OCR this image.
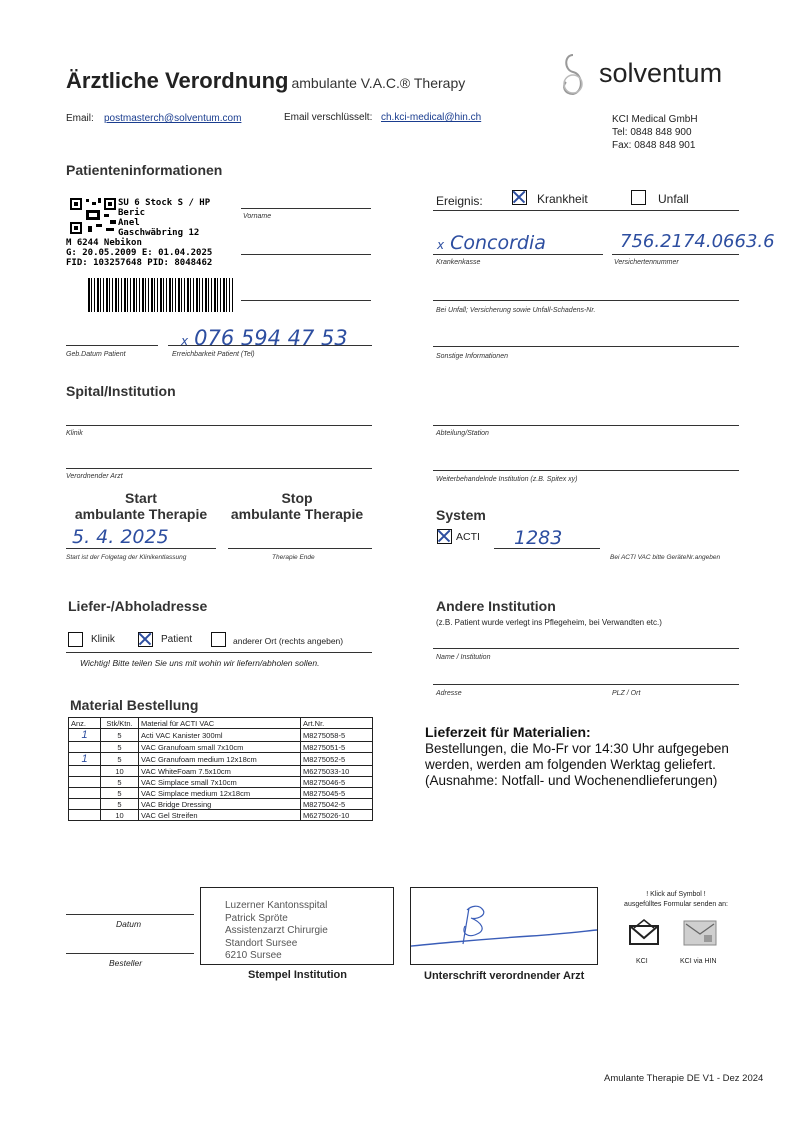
Ärztliche Verordnung ambulante V.A.C.® Therapy	solventum
Email: postmasterch@solventum.com	Email verschlüsselt: ch.kci-medical@hin.ch	KCI Medical GmbH
Tel: 0848 848 900
Fax: 0848 848 901
Patienteninformationen
SU 6 Stock S / HP
Beric
Anel
Gaschwäbring 12
M 6244 Nebikon
G: 20.05.2009 E: 01.04.2025
FID: 103257648 PID: 8048462
Vorname
x 076 594 47 53
Geb.Datum Patient	Erreichbarkeit Patient (Tel)
Ereignis:	Krankheit	Unfall
x Concordia	756.2174.0663.6
Krankenkasse	Versichertennummer
Bei Unfall; Versicherung sowie Unfall-Schadens-Nr.
Sonstige Informationen
Spital/Institution
Klinik	Abteilung/Station
Verordnender Arzt	Weiterbehandelnde Institution (z.B. Spitex xy)
Start
ambulante Therapie
Stop
ambulante Therapie
5. 4. 2025
Start ist der Folgetag der Klinikentlassung	Therapie Ende
System
ACTI 1283
Bei ACTI VAC bitte GeräteNr.angeben
Liefer-/Abholadresse
Klinik	Patient	anderer Ort (rechts angeben)
Wichtig! Bitte teilen Sie uns mit wohin wir liefern/abholen sollen.
Andere Institution
(z.B. Patient wurde verlegt ins Pflegeheim, bei Verwandten etc.)
Name / Institution
Adresse	PLZ / Ort
Material Bestellung
Anz.	Stk/Ktn.	Material für ACTI VAC	Art.Nr.
1	5	Acti VAC Kanister 300ml	M8275058-5
	5	VAC Granufoam small 7x10cm	M8275051-5
1	5	VAC Granufoam medium 12x18cm	M8275052-5
	10	VAC WhiteFoam 7.5x10cm	M6275033-10
	5	VAC Simplace small 7x10cm	M8275046-5
	5	VAC Simplace medium 12x18cm	M8275045-5
	5	VAC Bridge Dressing	M8275042-5
	10	VAC Gel Streifen	M6275026-10
Lieferzeit für Materialien:
Bestellungen, die Mo-Fr vor 14:30 Uhr aufgegeben
werden, werden am folgenden Werktag geliefert.
(Ausnahme: Notfall- und Wochenendlieferungen)
Datum
Besteller
Luzerner Kantonsspital
Patrick Spröte
Assistenzarzt Chirurgie
Standort Sursee
6210 Sursee
Stempel Institution	Unterschrift verordnender Arzt
! Klick auf Symbol !
ausgefülltes Formular senden an:
KCI	KCI via HIN
Amulante Therapie DE V1 - Dez 2024
